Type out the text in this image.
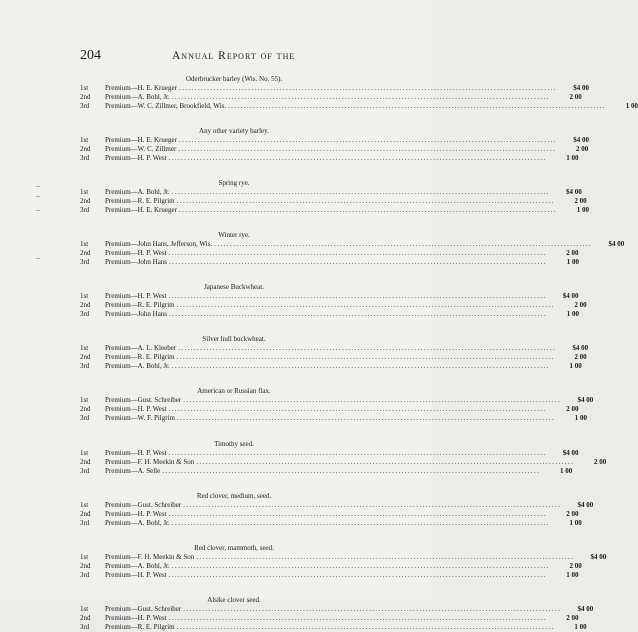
204	Annual Report of the
Oderbrucker barley (Wis. No. 55).
1st	Premium—H. E. Krueger ........................................................................................................................	$4 00
2nd	Premium—A. Bohl, Jr. ........................................................................................................................	2 00
3rd	Premium—W. C. Zillmer, Brookfield, Wis. ........................................................................................................................	1 00
Any other variety barley.
1st	Premium—H. E. Krueger ........................................................................................................................	$4 00
2nd	Premium—W. C. Zillmer ........................................................................................................................	2 00
3rd	Premium—H. P. West ........................................................................................................................	1 00
Spring rye.
1st	Premium—A. Bohl, Jr. ........................................................................................................................	$4 00
2nd	Premium—R. E. Pilgrim ........................................................................................................................	2 00
3rd	Premium—H. E. Krueger ........................................................................................................................	1 00
Winter rye.
1st	Premium—John Hans, Jefferson, Wis. ........................................................................................................................	$4 00
2nd	Premium—H. P. West ........................................................................................................................	2 00
3rd	Premium—John Hans ........................................................................................................................	1 00
Japanese Buckwheat.
1st	Premium—H. P. West ........................................................................................................................	$4 00
2nd	Premium—R. E. Pilgrim ........................................................................................................................	2 00
3rd	Premium—John Hans ........................................................................................................................	1 00
Silver hull buckwheat.
1st	Premium—A. L. Kleeber ........................................................................................................................	$4 00
2nd	Premium—R. E. Pilgrim ........................................................................................................................	2 00
3rd	Premium—A. Bohl, Jr. ........................................................................................................................	1 00
American or Russian flax.
1st	Premium—Gust. Schreiber ........................................................................................................................	$4 00
2nd	Premium—H. P. West ........................................................................................................................	2 00
3rd	Premium—W. F. Pilgrim ........................................................................................................................	1 00
Timothy seed.
1st	Premium—H. P. West ........................................................................................................................	$4 00
2nd	Premium—F. H. Meekin & Son ........................................................................................................................	2 00
3rd	Premium—A. Selle ........................................................................................................................	1 00
Red clover, medium, seed.
1st	Premium—Gust. Schreiber ........................................................................................................................	$4 00
2nd	Premium—H. P. West ........................................................................................................................	2 00
3rd	Premium—A. Bohl, Jr. ........................................................................................................................	1 00
Red clover, mammoth, seed.
1st	Premium—F. H. Meekin & Son ........................................................................................................................	$4 00
2nd	Premium—A. Bohl, Jr. ........................................................................................................................	2 00
3rd	Premium—H. P. West ........................................................................................................................	1 00
Alsike clover seed.
1st	Premium—Gust. Schreiber ........................................................................................................................	$4 00
2nd	Premium—H. P. West ........................................................................................................................	2 00
3rd	Premium—R. E. Pilgrim ........................................................................................................................	1 00
